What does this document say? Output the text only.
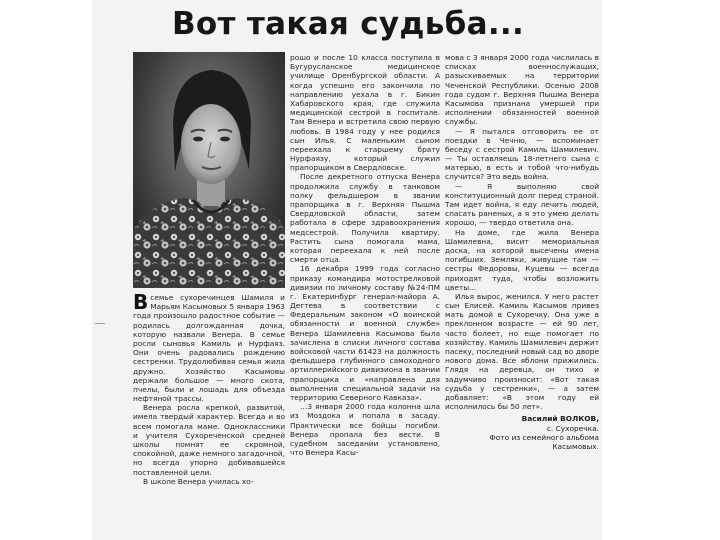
Вот такая судьба...

Всемье сухоречинцев Шамиля и Марьям Касымовых 5 января 1963 года произошло радостное событие — родилась долгожданная дочка, которую назвали Венера. В семье росли сыновья Камиль и Нурфаяз. Они очень радовались рождению сестренки. Трудолюбивая семья жила дружно. Хозяйство Касымовы держали большое — много скота, пчелы, были и лошадь для объезда нефтяной трассы.

Венера росла крепкой, развитой, имела твердый характер. Всегда и во всем помогала маме. Одноклассники и учителя Сухореченской средней школы помнят ее скромной, спокойной, даже немного загадочной, но всегда упорно добивавшейся поставленной цели.

В школе Венера училась хо-

рошо и после 10 класса поступила в Бугурусланское медицинское училище Оренбургской области. А когда успешно его закончила по направлению уехала в г. Бикин Хабаровского края, где служила медицинской сестрой в госпитале. Там Венера и встретила свою первую любовь. В 1984 году у нее родился сын Илья. С маленьким сыном переехала к старшему брату Нурфаязу, который служил прапорщиком в Свердловске.

После декретного отпуска Венера продолжила службу в танковом полку фельдшером в звании прапорщика в г. Верхняя Пышма Свердловской области, затем работала в сфере здравоохранения медсестрой. Получила квартиру. Растить сына помогала мама, которая переехала к ней после смерти отца.

16 декабря 1999 года согласно приказу командира мотострелковой дивизии по личному составу №24-ПМ г. Екатеринбург генерал-майора А. Дегтева в соответствии с Федеральным законом «О воинской обязанности и военной службе» Венера Шамилевна Касымова была зачислена в списки личного состава войсковой части 61423 на должность фельдшера глубинного самоходного артиллерийского дивизиона в звании прапорщика и «направлена для выполнения специальной задачи на территорию Северного Кавказа».

…3 января 2000 года колонна шла из Моздока и попала в засаду. Практически все бойцы погибли. Венера пропала без вести. В судебном заседании установлено, что Венера Касы-

мова с 3 января 2000 года числилась в списках военнослужащих, разыскиваемых на территории Чеченской Республики. Осенью 2008 года судом г. Верхняя Пышма Венера Касымова признана умершей при исполнении обязанностей военной службы.

— Я пытался отговорить ее от поездки в Чечню, — вспоминает беседу с сестрой Камиль Шамилевич. — Ты оставляешь 18-летнего сына с матерью, в есть и тобой что-нибудь случится? Это ведь война.

— Я выполняю свой конституционный долг перед страной. Там идет война, я еду лечить людей, спасать раненых, а я это умею делать хорошо, — твердо ответила она.

На доме, где жила Венера Шамилевна, висит мемориальная доска, на которой высечены имена погибших. Земляки, живущие там — сестры Федоровы, Куцевы — всегда приходят туда, чтобы возложить цветы...

Илья вырос, женился. У него растет сын Елисей. Камиль Касымов привез мать домой в Сухоречку. Она уже в преклонном возрасте — ей 90 лет, часто болеет, но еще помогает по хозяйству. Камиль Шамилевич держит пасеку, последний новый сад во дворе нового дома. Все яблони прижились. Глядя на деревца, он тихо и задумчиво произносит: «Вот такая судьба у сестренки», — а затем добавляет: «В этом году ей исполнилось бы 50 лет».

Василий ВОЛКОВ,
с. Сухоречка.
Фото из семейного альбома Касымовых.
